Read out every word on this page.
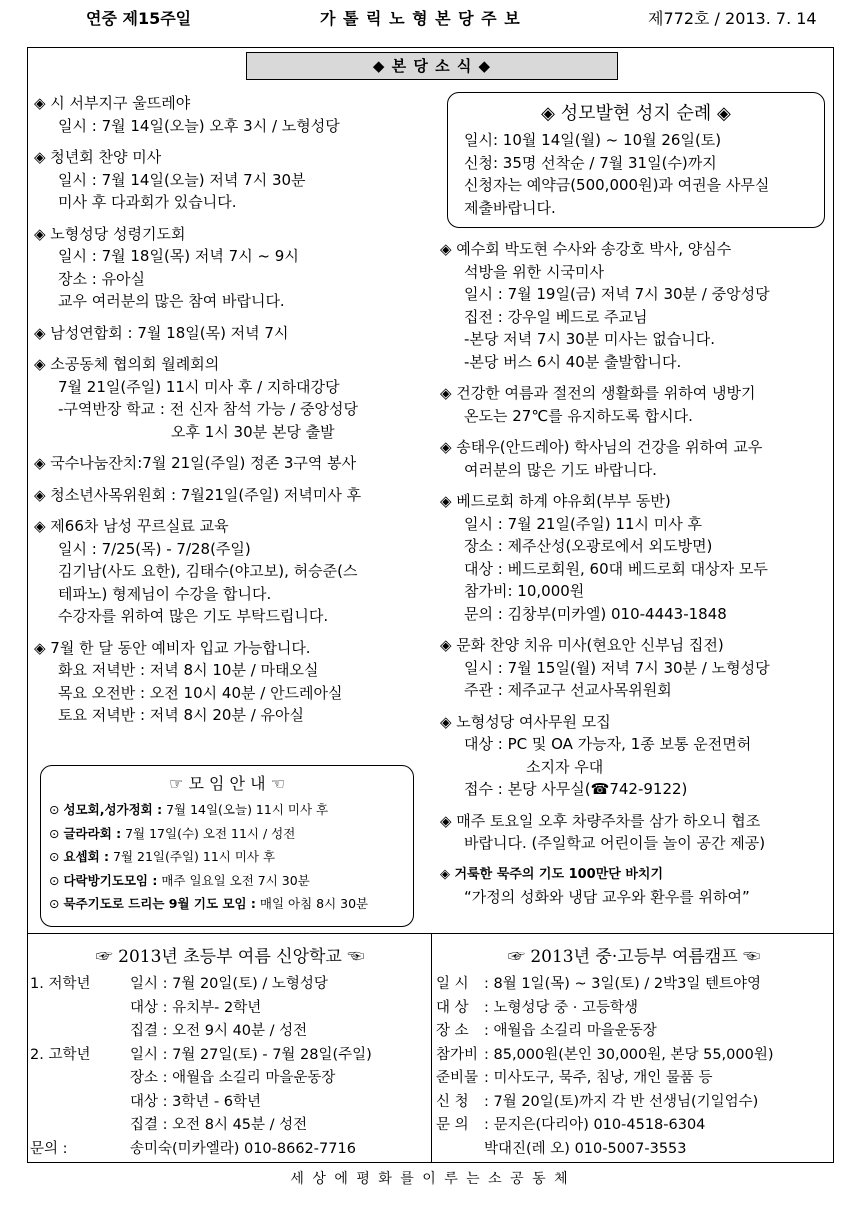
연중 제15주일	가 톨 릭 노 형 본 당 주 보	제772호 / 2013. 7. 14
◆ 본 당 소 식 ◆
◈ 시 서부지구 울뜨레야
일시 : 7월 14일(오늘) 오후 3시 / 노형성당
◈ 청년회 찬양 미사
일시 : 7월 14일(오늘) 저녁 7시 30분
미사 후 다과회가 있습니다.
◈ 노형성당 성령기도회
일시 : 7월 18일(목) 저녁 7시 ~ 9시
장소 : 유아실
교우 여러분의 많은 참여 바랍니다.
◈ 남성연합회 : 7월 18일(목) 저녁 7시
◈ 소공동체 협의회 월례회의
7월 21일(주일) 11시 미사 후 / 지하대강당
-구역반장 학교 : 전 신자 참석 가능 / 중앙성당
오후 1시 30분 본당 출발
◈ 국수나눔잔치:7월 21일(주일) 정존 3구역 봉사
◈ 청소년사목위원회 : 7월21일(주일) 저녁미사 후
◈ 제66차 남성 꾸르실료 교육
일시 : 7/25(목) - 7/28(주일)
김기남(사도 요한), 김태수(야고보), 허승준(스
테파노) 형제님이 수강을 합니다.
수강자를 위하여 많은 기도 부탁드립니다.
◈ 7월 한 달 동안 예비자 입교 가능합니다.
화요 저녁반 : 저녁 8시 10분 / 마태오실
목요 오전반 : 오전 10시 40분 / 안드레아실
토요 저녁반 : 저녁 8시 20분 / 유아실
☞ 모 임 안 내 ☜
⊙ 성모회,성가정회 : 7월 14일(오늘) 11시 미사 후
⊙ 글라라회 : 7월 17일(수) 오전 11시 / 성전
⊙ 요셉회 : 7월 21일(주일) 11시 미사 후
⊙ 다락방기도모임 : 매주 일요일 오전 7시 30분
⊙ 묵주기도로 드리는 9월 기도 모임 : 매일 아침 8시 30분
◈ 성모발현 성지 순례 ◈
일시: 10월 14일(월) ~ 10월 26일(토)
신청: 35명 선착순 / 7월 31일(수)까지
신청자는 예약금(500,000원)과 여권을 사무실
제출바랍니다.
◈ 예수회 박도현 수사와 송강호 박사, 양심수
석방을 위한 시국미사
일시 : 7월 19일(금) 저녁 7시 30분 / 중앙성당
집전 : 강우일 베드로 주교님
-본당 저녁 7시 30분 미사는 없습니다.
-본당 버스 6시 40분 출발합니다.
◈ 건강한 여름과 절전의 생활화를 위하여 냉방기
온도는 27℃를 유지하도록 합시다.
◈ 송태우(안드레아) 학사님의 건강을 위하여 교우
여러분의 많은 기도 바랍니다.
◈ 베드로회 하계 야유회(부부 동반)
일시 : 7월 21일(주일) 11시 미사 후
장소 : 제주산성(오광로에서 외도방면)
대상 : 베드로회원, 60대 베드로회 대상자 모두
참가비: 10,000원
문의 : 김창부(미카엘) 010-4443-1848
◈ 문화 찬양 치유 미사(현요안 신부님 집전)
일시 : 7월 15일(월) 저녁 7시 30분 / 노형성당
주관 : 제주교구 선교사목위원회
◈ 노형성당 여사무원 모집
대상 : PC 및 OA 가능자, 1종 보통 운전면허
소지자 우대
접수 : 본당 사무실(☎742-9122)
◈ 매주 토요일 오후 차량주차를 삼가 하오니 협조
바랍니다. (주일학교 어린이들 놀이 공간 제공)
◈ 거룩한 묵주의 기도 100만단 바치기
“가정의 성화와 냉담 교우와 환우를 위하여”
☞ 2013년 초등부 여름 신앙학교 ☜
1. 저학년	일시 : 7월 20일(토) / 노형성당
대상 : 유치부- 2학년
집결 : 오전 9시 40분 / 성전
2. 고학년	일시 : 7월 27일(토) - 7월 28일(주일)
장소 : 애월읍 소길리 마을운동장
대상 : 3학년 - 6학년
집결 : 오전 8시 45분 / 성전
문의 :	송미숙(미카엘라) 010-8662-7716
☞ 2013년 중·고등부 여름캠프 ☜
일 시 : 8월 1일(목) ~ 3일(토) / 2박3일 텐트야영
대 상 : 노형성당 중 · 고등학생
장 소 : 애월읍 소길리 마을운동장
참가비 : 85,000원(본인 30,000원, 본당 55,000원)
준비물 : 미사도구, 묵주, 침낭, 개인 물품 등
신 청 : 7월 20일(토)까지 각 반 선생님(기일엄수)
문 의 : 문지은(다리아) 010-4518-6304
박대진(레 오) 010-5007-3553
세 상 에 평 화 를 이 루 는 소 공 동 체
